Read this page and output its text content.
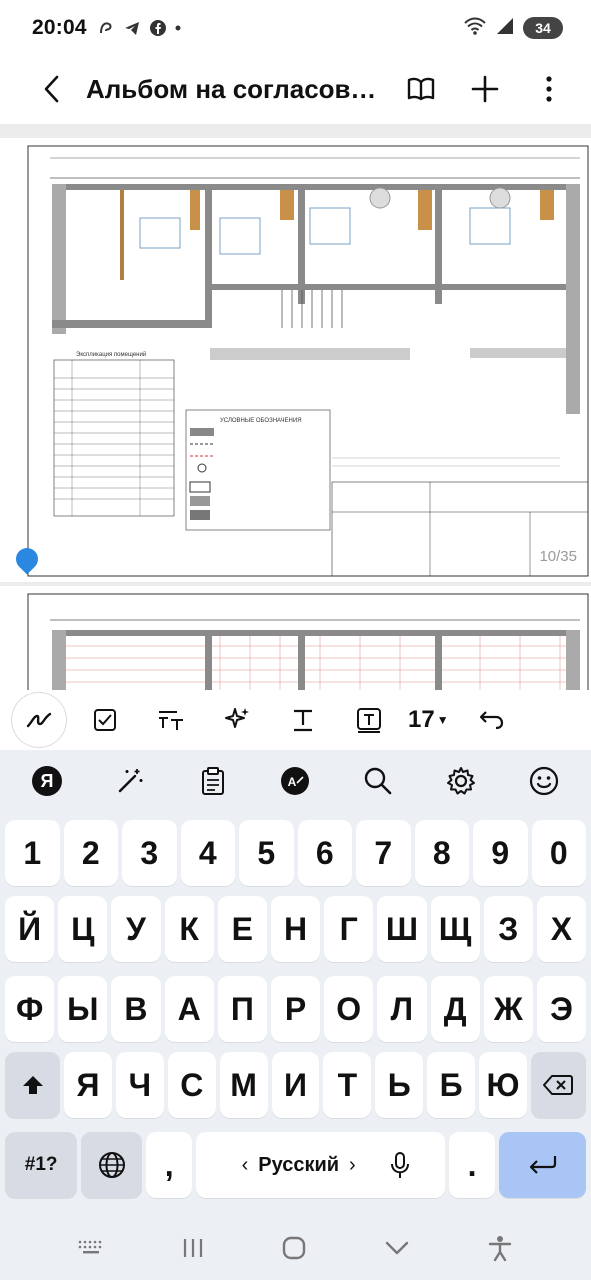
20:04	34
Альбом на согласова...
Экспликация помещений
УСЛОВНЫЕ ОБОЗНАЧЕНИЯ
10/35
17 ▼
Я	A
1	2	3	4	5	6	7	8	9	0
Й Ц У	К	Е Н	Г Ш Щ З	Х
Ф Ы В А П Р О Л Д Ж Э
Я Ч С М И Т Ь Б Ю
#1?	,	‹ Русский ›	.
